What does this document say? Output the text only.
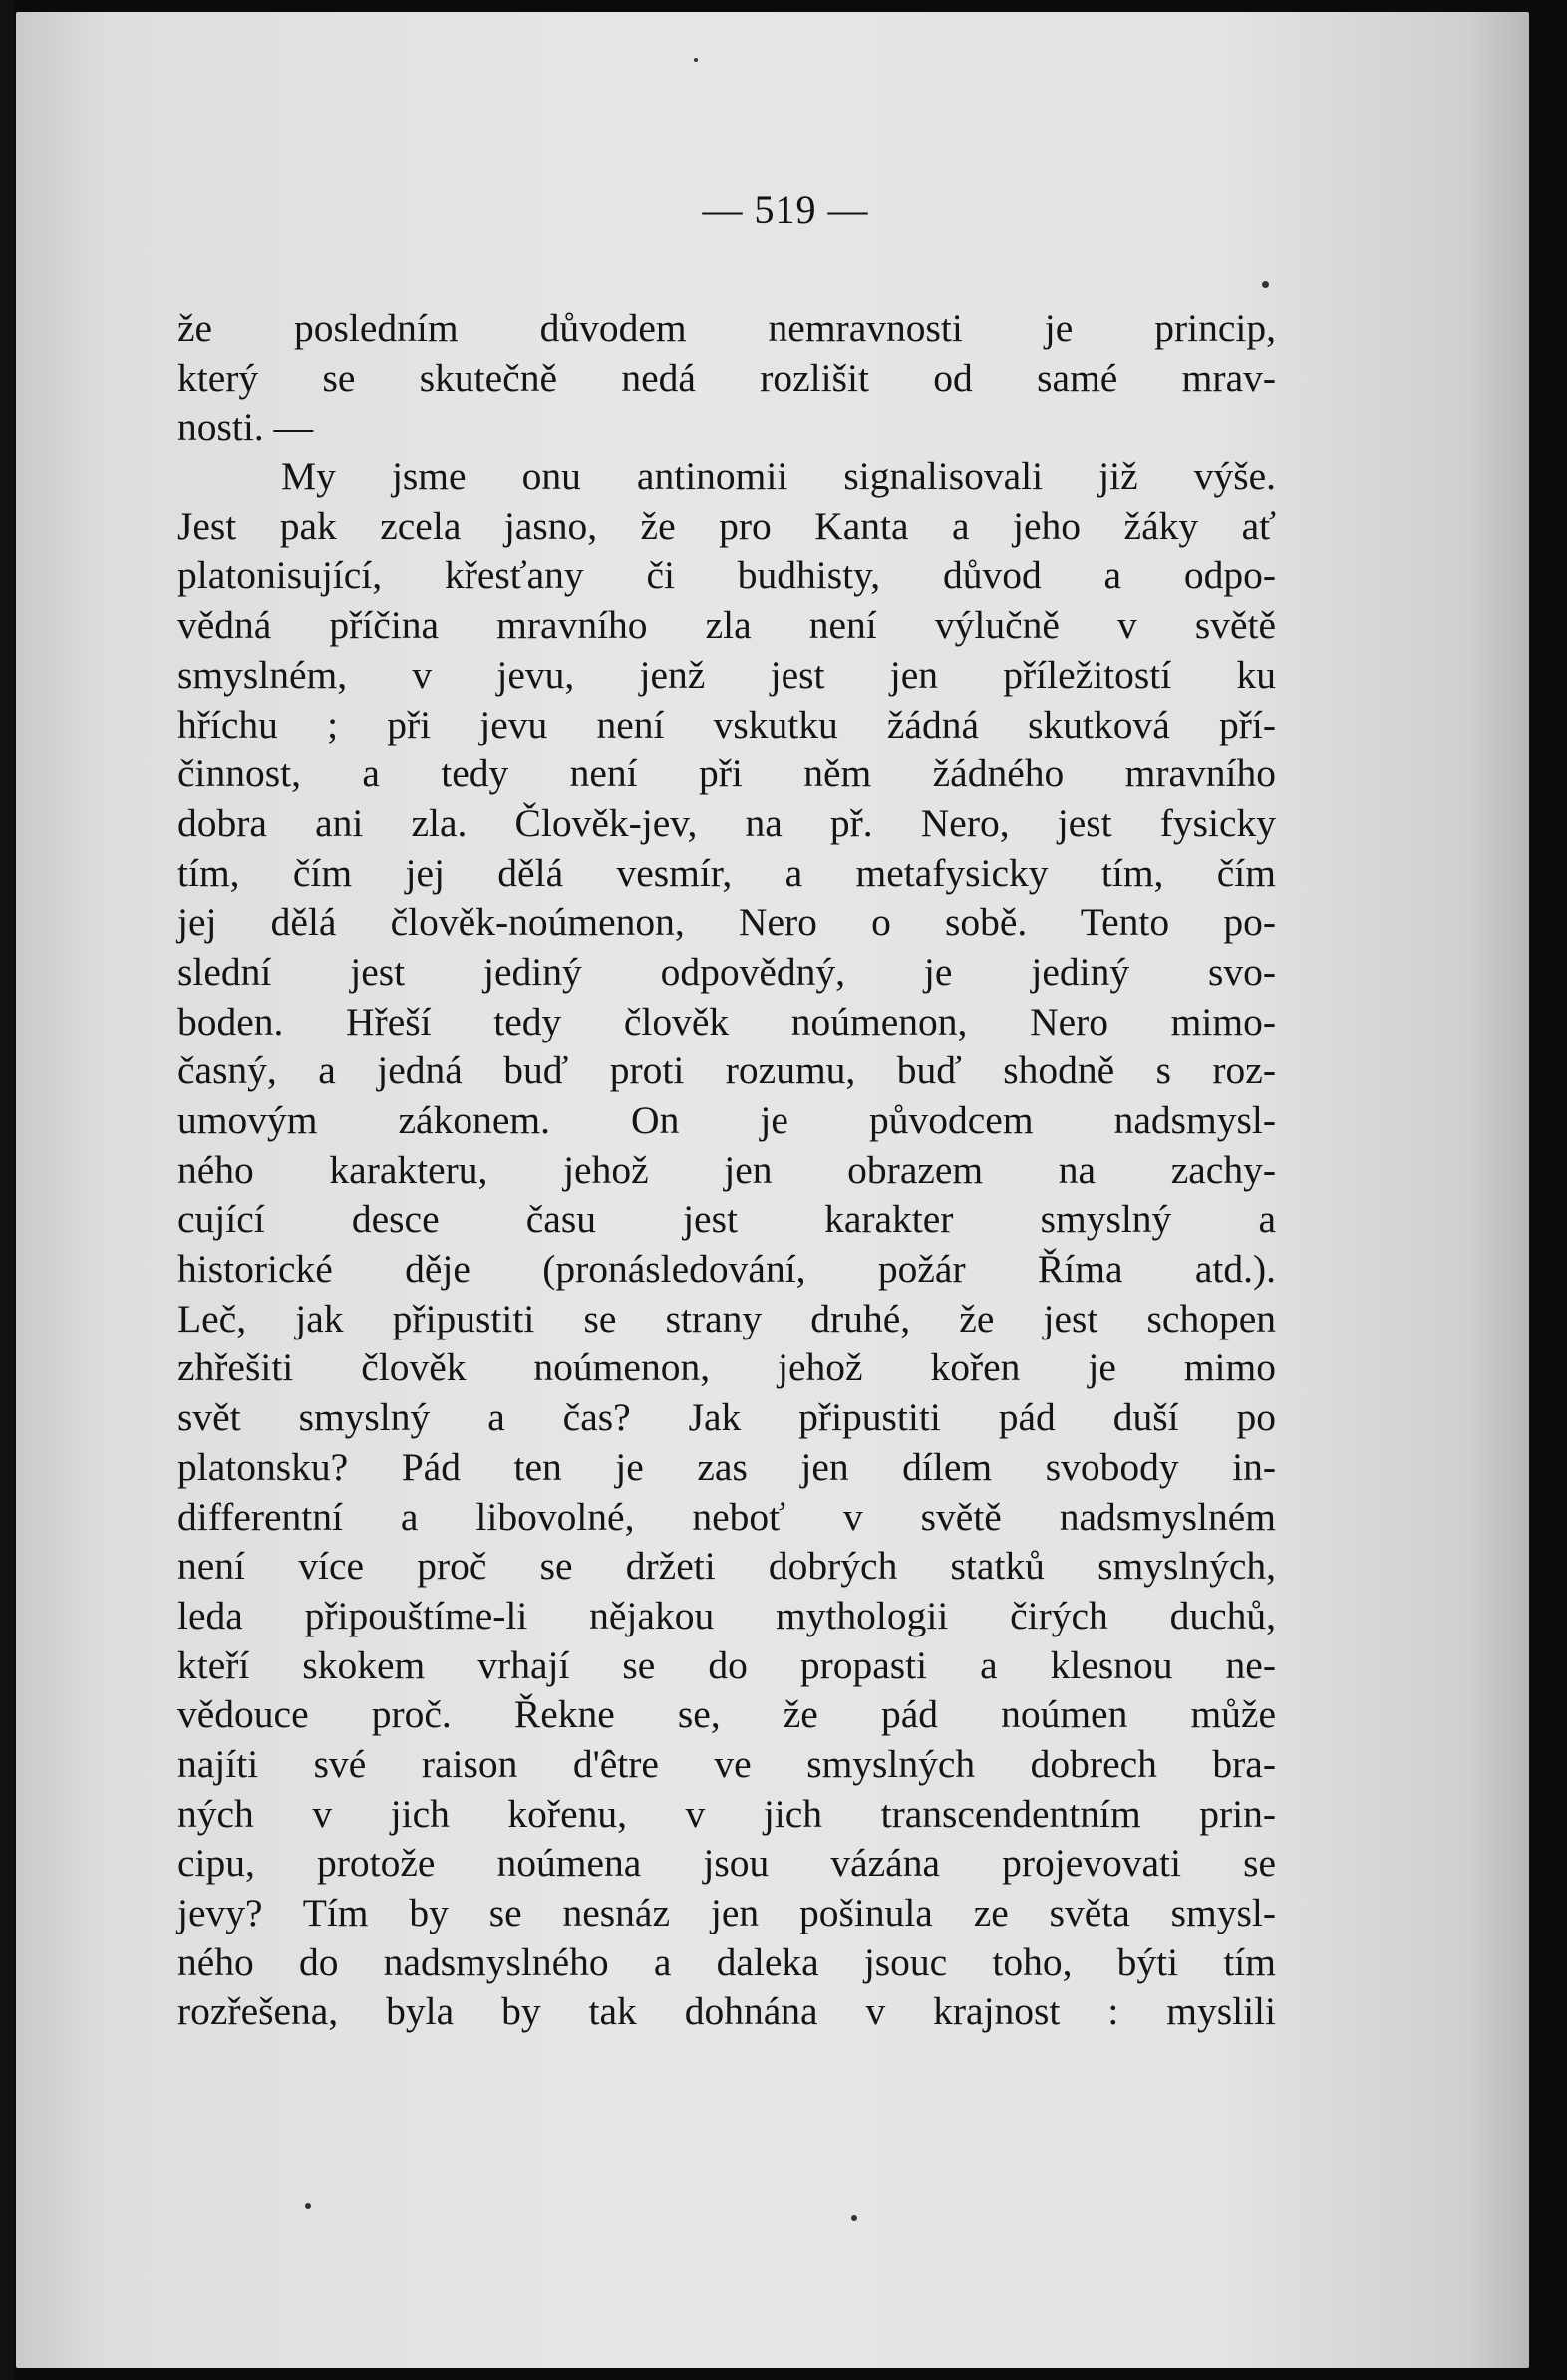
— 519 —
že posledním důvodem nemravnosti je princip,
který se skutečně nedá rozlišit od samé mrav-
nosti. —
My jsme onu antinomii signalisovali již výše.
Jest pak zcela jasno, že pro Kanta a jeho žáky ať
platonisující, křesťany či budhisty, důvod a odpo-
vědná příčina mravního zla není výlučně v světě
smyslném, v jevu, jenž jest jen příležitostí ku
hříchu ; při jevu není vskutku žádná skutková pří-
činnost, a tedy není při něm žádného mravního
dobra ani zla. Člověk-jev, na př. Nero, jest fysicky
tím, čím jej dělá vesmír, a metafysicky tím, čím
jej dělá člověk-noúmenon, Nero o sobě. Tento po-
slední jest jediný odpovědný, je jediný svo-
boden. Hřeší tedy člověk noúmenon, Nero mimo-
časný, a jedná buď proti rozumu, buď shodně s roz-
umovým zákonem. On je původcem nadsmysl-
ného karakteru, jehož jen obrazem na zachy-
cující desce času jest karakter smyslný a
historické děje (pronásledování, požár Říma atd.).
Leč, jak připustiti se strany druhé, že jest schopen
zhřešiti člověk noúmenon, jehož kořen je mimo
svět smyslný a čas? Jak připustiti pád duší po
platonsku? Pád ten je zas jen dílem svobody in-
differentní a libovolné, neboť v světě nadsmyslném
není více proč se držeti dobrých statků smyslných,
leda připouštíme-li nějakou mythologii čirých duchů,
kteří skokem vrhají se do propasti a klesnou ne-
vědouce proč. Řekne se, že pád noúmen může
najíti své raison d'être ve smyslných dobrech bra-
ných v jich kořenu, v jich transcendentním prin-
cipu, protože noúmena jsou vázána projevovati se
jevy? Tím by se nesnáz jen pošinula ze světa smysl-
ného do nadsmyslného a daleka jsouc toho, býti tím
rozřešena, byla by tak dohnána v krajnost : myslili
